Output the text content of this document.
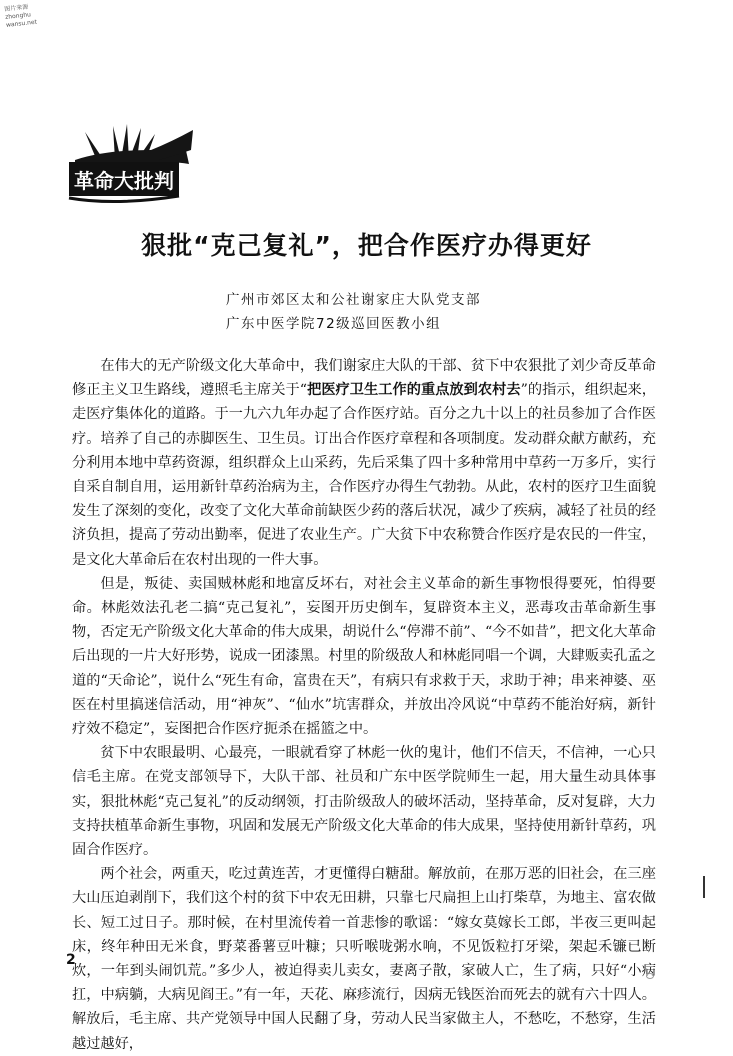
图片来源
zhonghu wansu.net
革命大批判
狠批“克己复礼”，把合作医疗办得更好
广州市郊区太和公社谢家庄大队党支部
广东中医学院72级巡回医教小组

在伟大的无产阶级文化大革命中，我们谢家庄大队的干部、贫下中农狠批了刘少奇反革命修正主义卫生路线，遵照毛主席关于“把医疗卫生工作的重点放到农村去”的指示，组织起来，走医疗集体化的道路。于一九六九年办起了合作医疗站。百分之九十以上的社员参加了合作医疗。培养了自己的赤脚医生、卫生员。订出合作医疗章程和各项制度。发动群众献方献药，充分利用本地中草药资源，组织群众上山采药，先后采集了四十多种常用中草药一万多斤，实行自采自制自用，运用新针草药治病为主，合作医疗办得生气勃勃。从此，农村的医疗卫生面貌发生了深刻的变化，改变了文化大革命前缺医少药的落后状况，减少了疾病，减轻了社员的经济负担，提高了劳动出勤率，促进了农业生产。广大贫下中农称赞合作医疗是农民的一件宝，是文化大革命后在农村出现的一件大事。

但是，叛徒、卖国贼林彪和地富反坏右，对社会主义革命的新生事物恨得要死，怕得要命。林彪效法孔老二搞“克己复礼”，妄图开历史倒车，复辟资本主义，恶毒攻击革命新生事物，否定无产阶级文化大革命的伟大成果，胡说什么“停滞不前”、“今不如昔”，把文化大革命后出现的一片大好形势，说成一团漆黑。村里的阶级敌人和林彪同唱一个调，大肆贩卖孔孟之道的“天命论”，说什么“死生有命，富贵在天”，有病只有求救于天，求助于神；串来神婆、巫医在村里搞迷信活动，用“神灰”、“仙水”坑害群众，并放出冷风说“中草药不能治好病，新针疗效不稳定”，妄图把合作医疗扼杀在摇篮之中。

贫下中农眼最明、心最亮，一眼就看穿了林彪一伙的鬼计，他们不信天，不信神，一心只信毛主席。在党支部领导下，大队干部、社员和广东中医学院师生一起，用大量生动具体事实，狠批林彪“克己复礼”的反动纲领，打击阶级敌人的破坏活动，坚持革命，反对复辟，大力支持扶植革命新生事物，巩固和发展无产阶级文化大革命的伟大成果，坚持使用新针草药，巩固合作医疗。

两个社会，两重天，吃过黄连苦，才更懂得白糖甜。解放前，在那万恶的旧社会，在三座大山压迫剥削下，我们这个村的贫下中农无田耕，只靠七尺扁担上山打柴草，为地主、富农做长、短工过日子。那时候，在村里流传着一首悲惨的歌谣：“嫁女莫嫁长工郎，半夜三更叫起床，终年种田无米食，野菜番薯豆叶糠；只听喉咙粥水响，不见饭粒打牙梁，架起禾镰已断炊，一年到头闹饥荒。”多少人，被迫得卖儿卖女，妻离子散，家破人亡，生了病，只好“小病扛，中病躺，大病见阎王。”有一年，天花、麻疹流行，因病无钱医治而死去的就有六十四人。解放后，毛主席、共产党领导中国人民翻了身，劳动人民当家做主人，不愁吃，不愁穿，生活越过越好，

2
